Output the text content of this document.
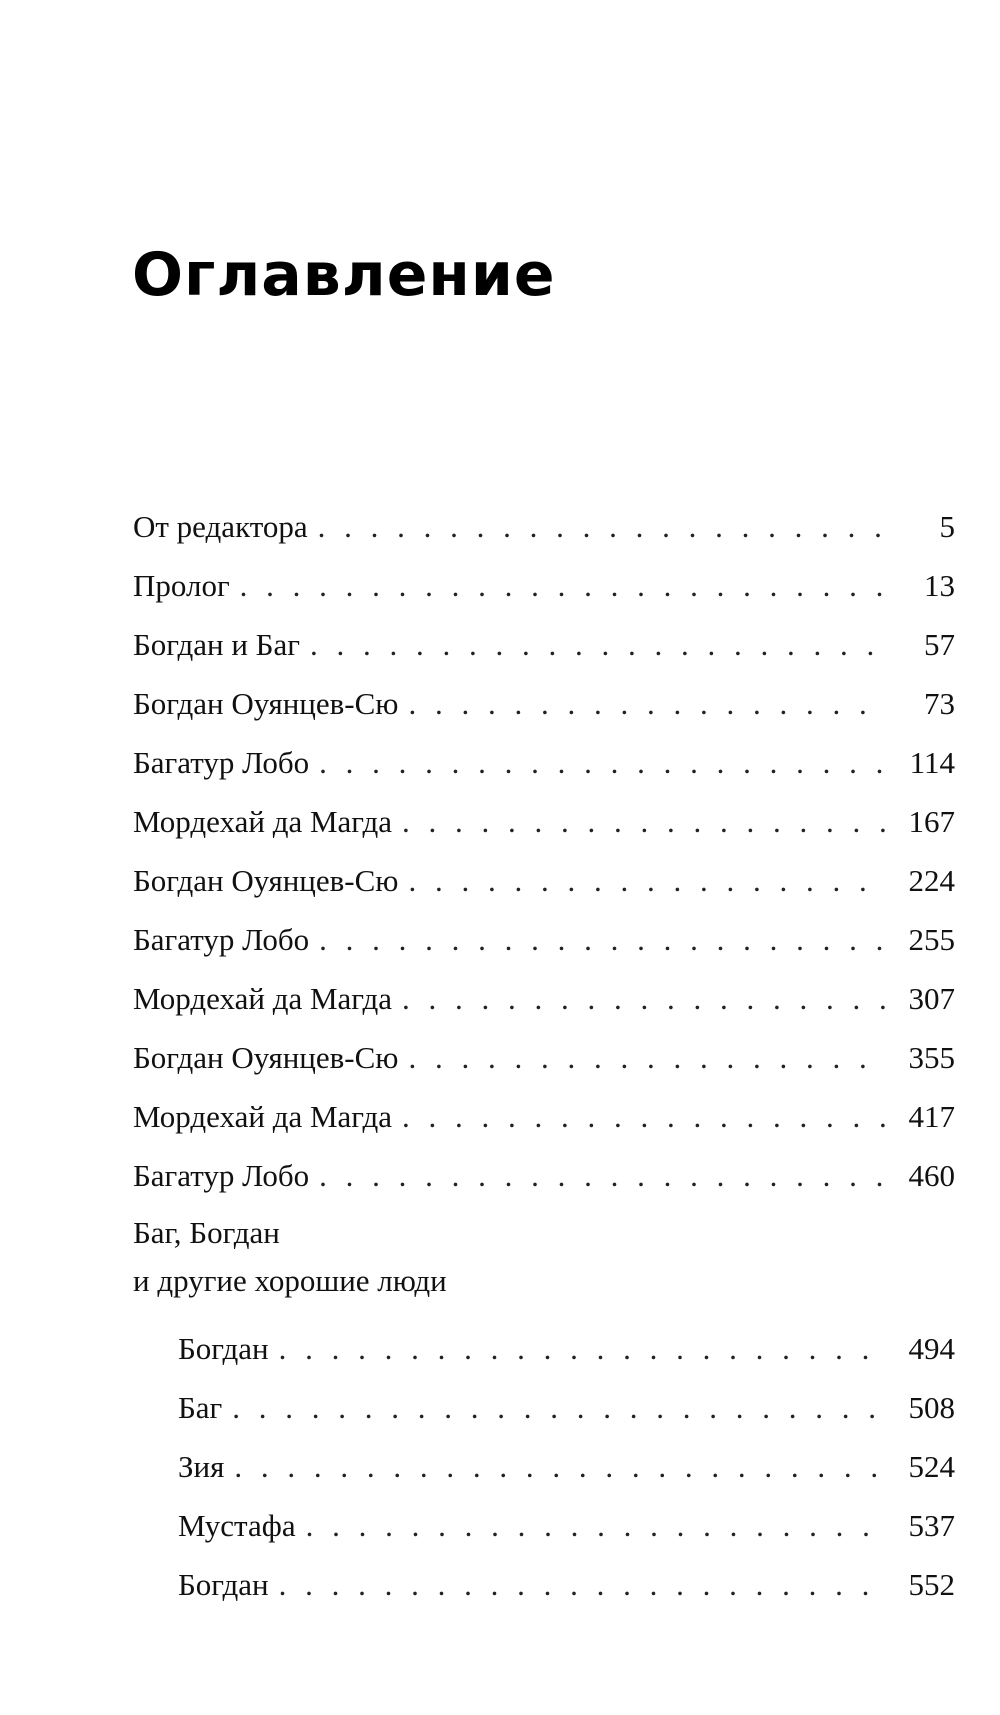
Оглавление
От редактора . . .	5
Пролог . . .	13
Богдан и Баг . . .	57
Богдан Оуянцев-Сю . . .	73
Багатур Лобо . . .	114
Мордехай да Магда . . .	167
Богдан Оуянцев-Сю . . .	224
Багатур Лобо . . .	255
Мордехай да Магда . . .	307
Богдан Оуянцев-Сю . . .	355
Мордехай да Магда . . .	417
Багатур Лобо . . .	460
Баг, Богдан
и другие хорошие люди
Богдан . . .	494
Баг . . .	508
Зия . . .	524
Мустафа . . .	537
Богдан . . .	552
